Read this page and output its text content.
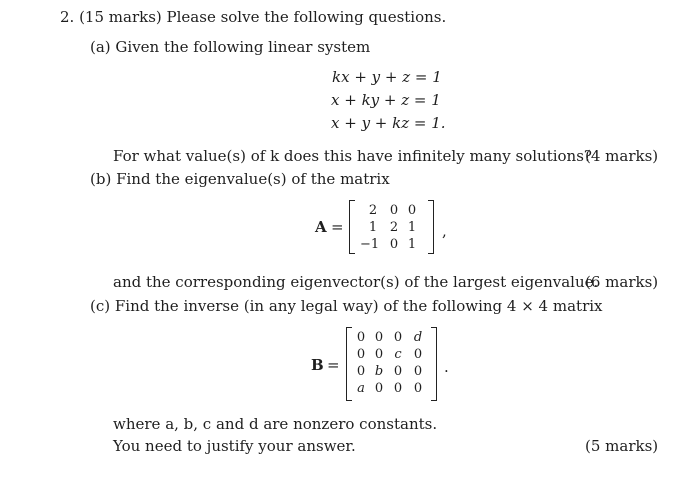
2. (15 marks) Please solve the following questions.
(a) Given the following linear system
kx + y + z = 1
x + ky + z = 1
x + y + kz = 1.
For what value(s) of k does this have infinitely many solutions?
(4 marks)
(b) Find the eigenvalue(s) of the matrix
A =
2 0 0
1 2 1
−1 0 1
,
and the corresponding eigenvector(s) of the largest eigenvalue.
(6 marks)
(c) Find the inverse (in any legal way) of the following 4 × 4 matrix
B =
0 0 0 d
0 0 c 0
0 b 0 0
a 0 0 0
.
where a, b, c and d are nonzero constants.
You need to justify your answer.	(5 marks)
